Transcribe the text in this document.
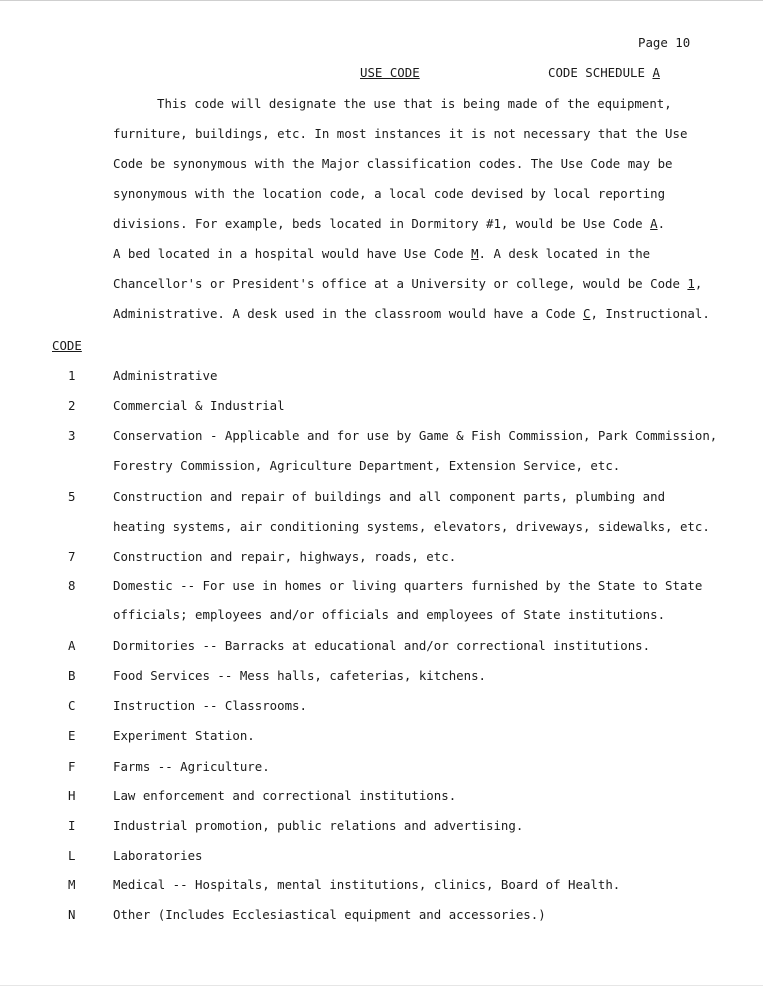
Page 10
USE CODE	CODE SCHEDULE A
This code will designate the use that is being made of the equipment,
furniture, buildings, etc. In most instances it is not necessary that the Use
Code be synonymous with the Major classification codes. The Use Code may be
synonymous with the location code, a local code devised by local reporting
divisions. For example, beds located in Dormitory #1, would be Use Code A.
A bed located in a hospital would have Use Code M. A desk located in the
Chancellor's or President's office at a University or college, would be Code 1,
Administrative. A desk used in the classroom would have a Code C, Instructional.
CODE
1	Administrative
2	Commercial & Industrial
3	Conservation - Applicable and for use by Game & Fish Commission, Park Commission,
Forestry Commission, Agriculture Department, Extension Service, etc.
5	Construction and repair of buildings and all component parts, plumbing and
heating systems, air conditioning systems, elevators, driveways, sidewalks, etc.
7	Construction and repair, highways, roads, etc.
8	Domestic -- For use in homes or living quarters furnished by the State to State
officials; employees and/or officials and employees of State institutions.
A	Dormitories -- Barracks at educational and/or correctional institutions.
B	Food Services -- Mess halls, cafeterias, kitchens.
C	Instruction -- Classrooms.
E	Experiment Station.
F	Farms -- Agriculture.
H	Law enforcement and correctional institutions.
I	Industrial promotion, public relations and advertising.
L	Laboratories
M	Medical -- Hospitals, mental institutions, clinics, Board of Health.
N	Other (Includes Ecclesiastical equipment and accessories.)
